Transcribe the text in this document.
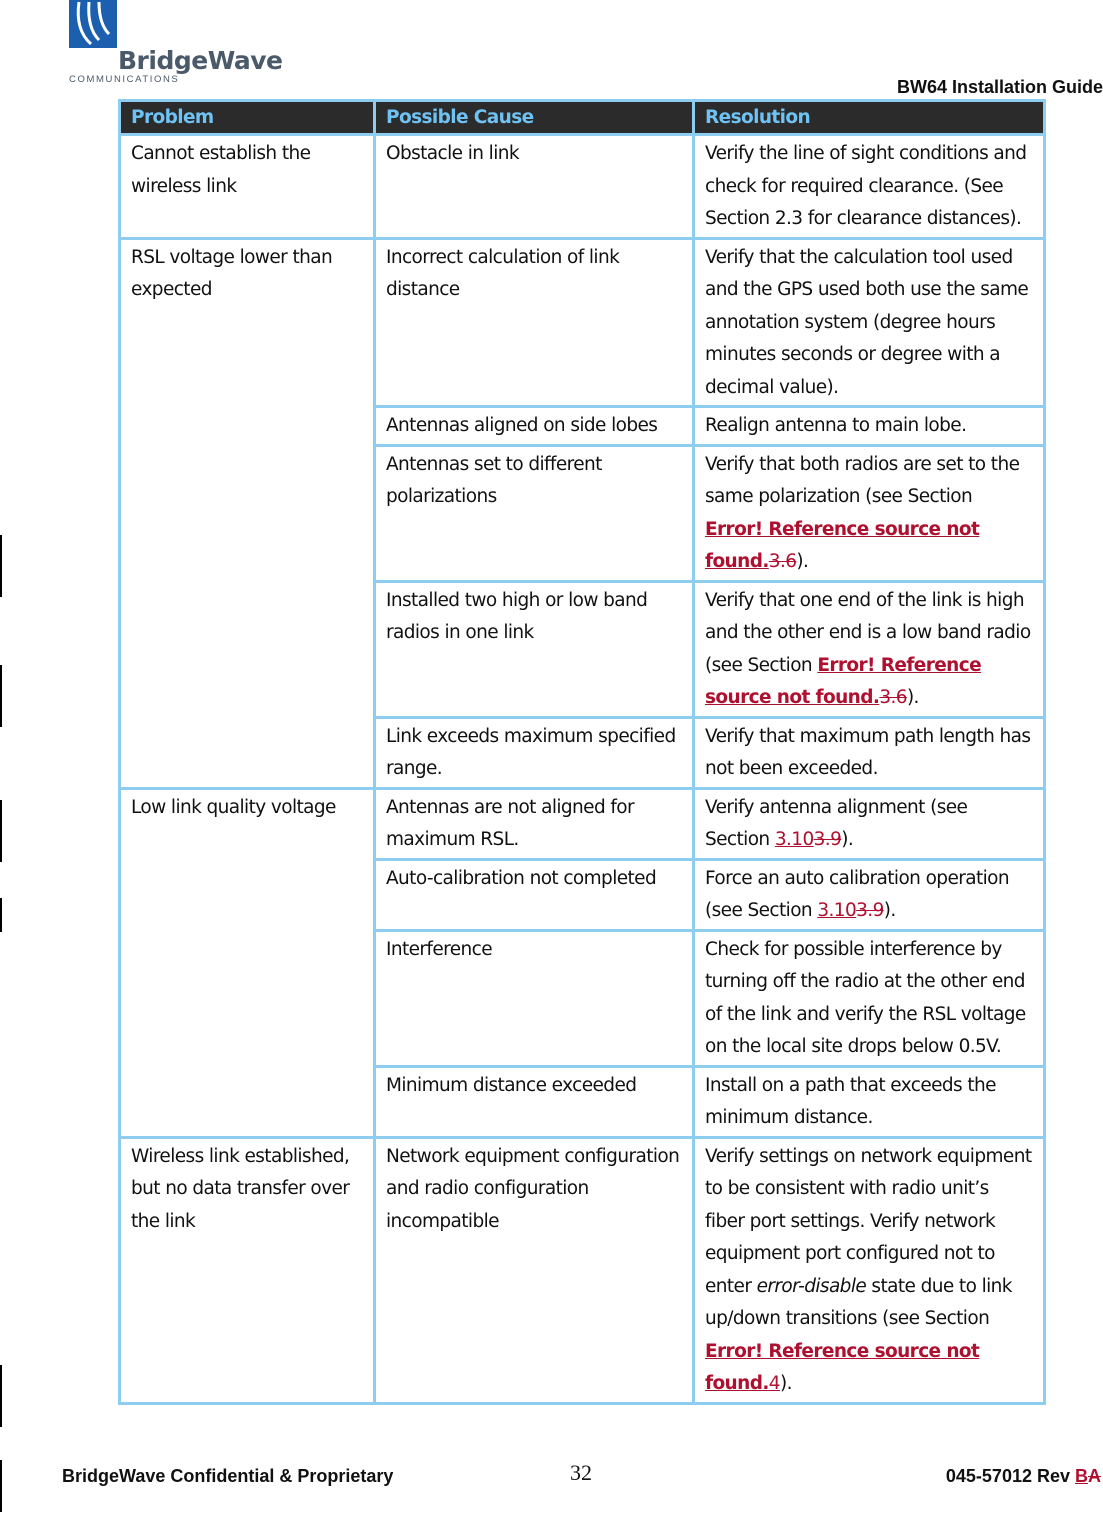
BridgeWave
COMMUNICATIONS	BW64 Installation Guide
Problem	Possible Cause	Resolution
Cannot establish the wireless link	Obstacle in link	Verify the line of sight conditions and check for required clearance. (See Section 2.3 for clearance distances).
RSL voltage lower than expected	Incorrect calculation of link distance	Verify that the calculation tool used and the GPS used both use the same annotation system (degree hours minutes seconds or degree with a decimal value).
	Antennas aligned on side lobes	Realign antenna to main lobe.
	Antennas set to different polarizations	Verify that both radios are set to the same polarization (see Section Error! Reference source not found.3.6).
	Installed two high or low band radios in one link	Verify that one end of the link is high and the other end is a low band radio (see Section Error! Reference source not found.3.6).
	Link exceeds maximum specified range.	Verify that maximum path length has not been exceeded.
Low link quality voltage	Antennas are not aligned for maximum RSL.	Verify antenna alignment (see Section 3.103.9).
	Auto-calibration not completed	Force an auto calibration operation (see Section 3.103.9).
	Interference	Check for possible interference by turning off the radio at the other end of the link and verify the RSL voltage on the local site drops below 0.5V.
	Minimum distance exceeded	Install on a path that exceeds the minimum distance.
Wireless link established, but no data transfer over the link	Network equipment configuration and radio configuration incompatible	Verify settings on network equipment to be consistent with radio unit’s fiber port settings. Verify network equipment port configured not to enter error-disable state due to link up/down transitions (see Section Error! Reference source not found.4).
BridgeWave Confidential & Proprietary	32	045-57012 Rev BA
